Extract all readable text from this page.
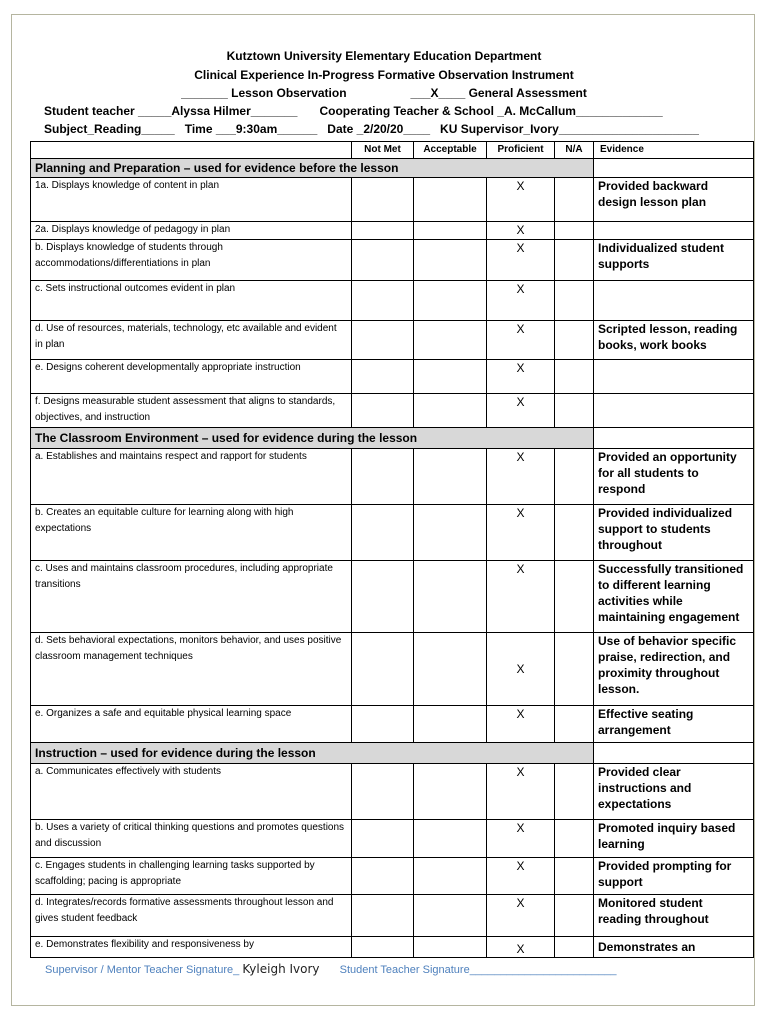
Kutztown University Elementary Education Department
Clinical Experience In-Progress Formative Observation Instrument
_______ Lesson Observation	___X____ General Assessment
Student teacher _____Alyssa Hilmer_______ Cooperating Teacher & School _A. McCallum_____________
Subject_Reading_____ Time ___9:30am______ Date _2/20/20____ KU Supervisor_Ivory_____________________
	Not Met	Acceptable	Proficient	N/A	Evidence
Planning and Preparation – used for evidence before the lesson					
1a. Displays knowledge of content in plan			X		Provided backward design lesson plan
2a. Displays knowledge of pedagogy in plan			X		
b. Displays knowledge of students through accommodations/differentiations in plan			X		Individualized student supports
c. Sets instructional outcomes evident in plan			X		
d. Use of resources, materials, technology, etc available and evident in plan			X		Scripted lesson, reading books, work books
e. Designs coherent developmentally appropriate instruction			X		
f. Designs measurable student assessment that aligns to standards, objectives, and instruction			X		
The Classroom Environment – used for evidence during the lesson					
a. Establishes and maintains respect and rapport for students			X		Provided an opportunity for all students to respond
b. Creates an equitable culture for learning along with high expectations			X		Provided individualized support to students throughout
c. Uses and maintains classroom procedures, including appropriate transitions			X		Successfully transitioned to different learning activities while maintaining engagement
d. Sets behavioral expectations, monitors behavior, and uses positive classroom management techniques			X		Use of behavior specific praise, redirection, and proximity throughout lesson.
e. Organizes a safe and equitable physical learning space			X		Effective seating arrangement
Instruction – used for evidence during the lesson					
a. Communicates effectively with students			X		Provided clear instructions and expectations
b. Uses a variety of critical thinking questions and promotes questions and discussion			X		Promoted inquiry based learning
c. Engages students in challenging learning tasks supported by scaffolding; pacing is appropriate			X		Provided prompting for support
d. Integrates/records formative assessments throughout lesson and gives student feedback			X		Monitored student reading throughout
e. Demonstrates flexibility and responsiveness by			X		Demonstrates an
Supervisor / Mentor Teacher Signature_ Kyleigh Ivory Student Teacher Signature________________________
